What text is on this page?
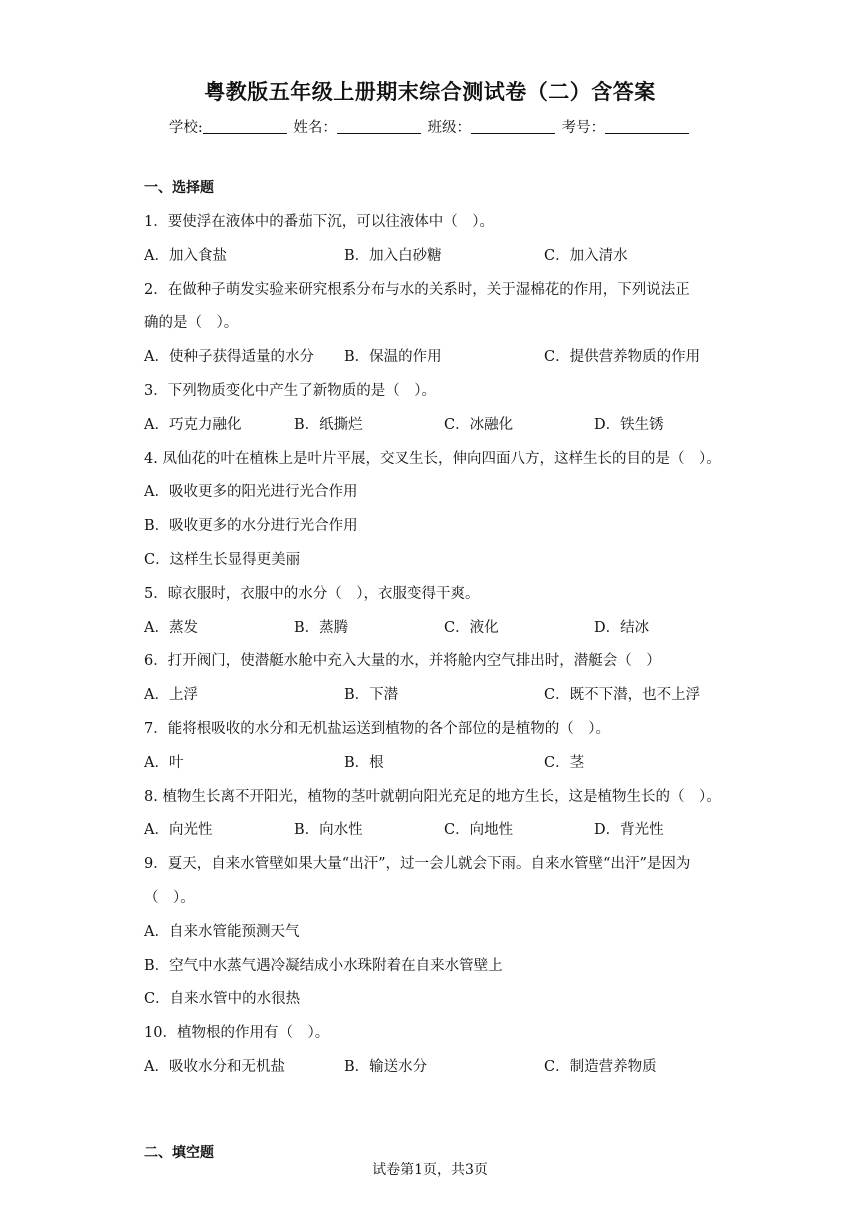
粤教版五年级上册期末综合测试卷（二）含答案
学校:	姓名：	班级：	考号：
一、选择题
1．要使浮在液体中的番茄下沉，可以往液体中（　）。
A．加入食盐	B．加入白砂糖	C．加入清水
2．在做种子萌发实验来研究根系分布与水的关系时，关于湿棉花的作用，下列说法正
确的是（　）。
A．使种子获得适量的水分 B．保温的作用	C．提供营养物质的作用
3．下列物质变化中产生了新物质的是（　）。
A．巧克力融化	B．纸撕烂	C．冰融化	D．铁生锈
4. 凤仙花的叶在植株上是叶片平展，交叉生长，伸向四面八方，这样生长的目的是（　）。
A．吸收更多的阳光进行光合作用
B．吸收更多的水分进行光合作用
C．这样生长显得更美丽
5．晾衣服时，衣服中的水分（　），衣服变得干爽。
A．蒸发	B．蒸腾	C．液化	D．结冰
6．打开阀门，使潜艇水舱中充入大量的水，并将舱内空气排出时，潜艇会（　）
A．上浮	B．下潜	C．既不下潜，也不上浮
7．能将根吸收的水分和无机盐运送到植物的各个部位的是植物的（　）。
A．叶	B．根	C．茎
8. 植物生长离不开阳光，植物的茎叶就朝向阳光充足的地方生长，这是植物生长的（　）。
A．向光性	B．向水性	C．向地性	D．背光性
9．夏天，自来水管壁如果大量“出汗”，过一会儿就会下雨。自来水管壁“出汗”是因为
（　）。
A．自来水管能预测天气
B．空气中水蒸气遇冷凝结成小水珠附着在自来水管壁上
C．自来水管中的水很热
10．植物根的作用有（　）。
A．吸收水分和无机盐	B．输送水分	C．制造营养物质
二、填空题
试卷第1页，共3页
